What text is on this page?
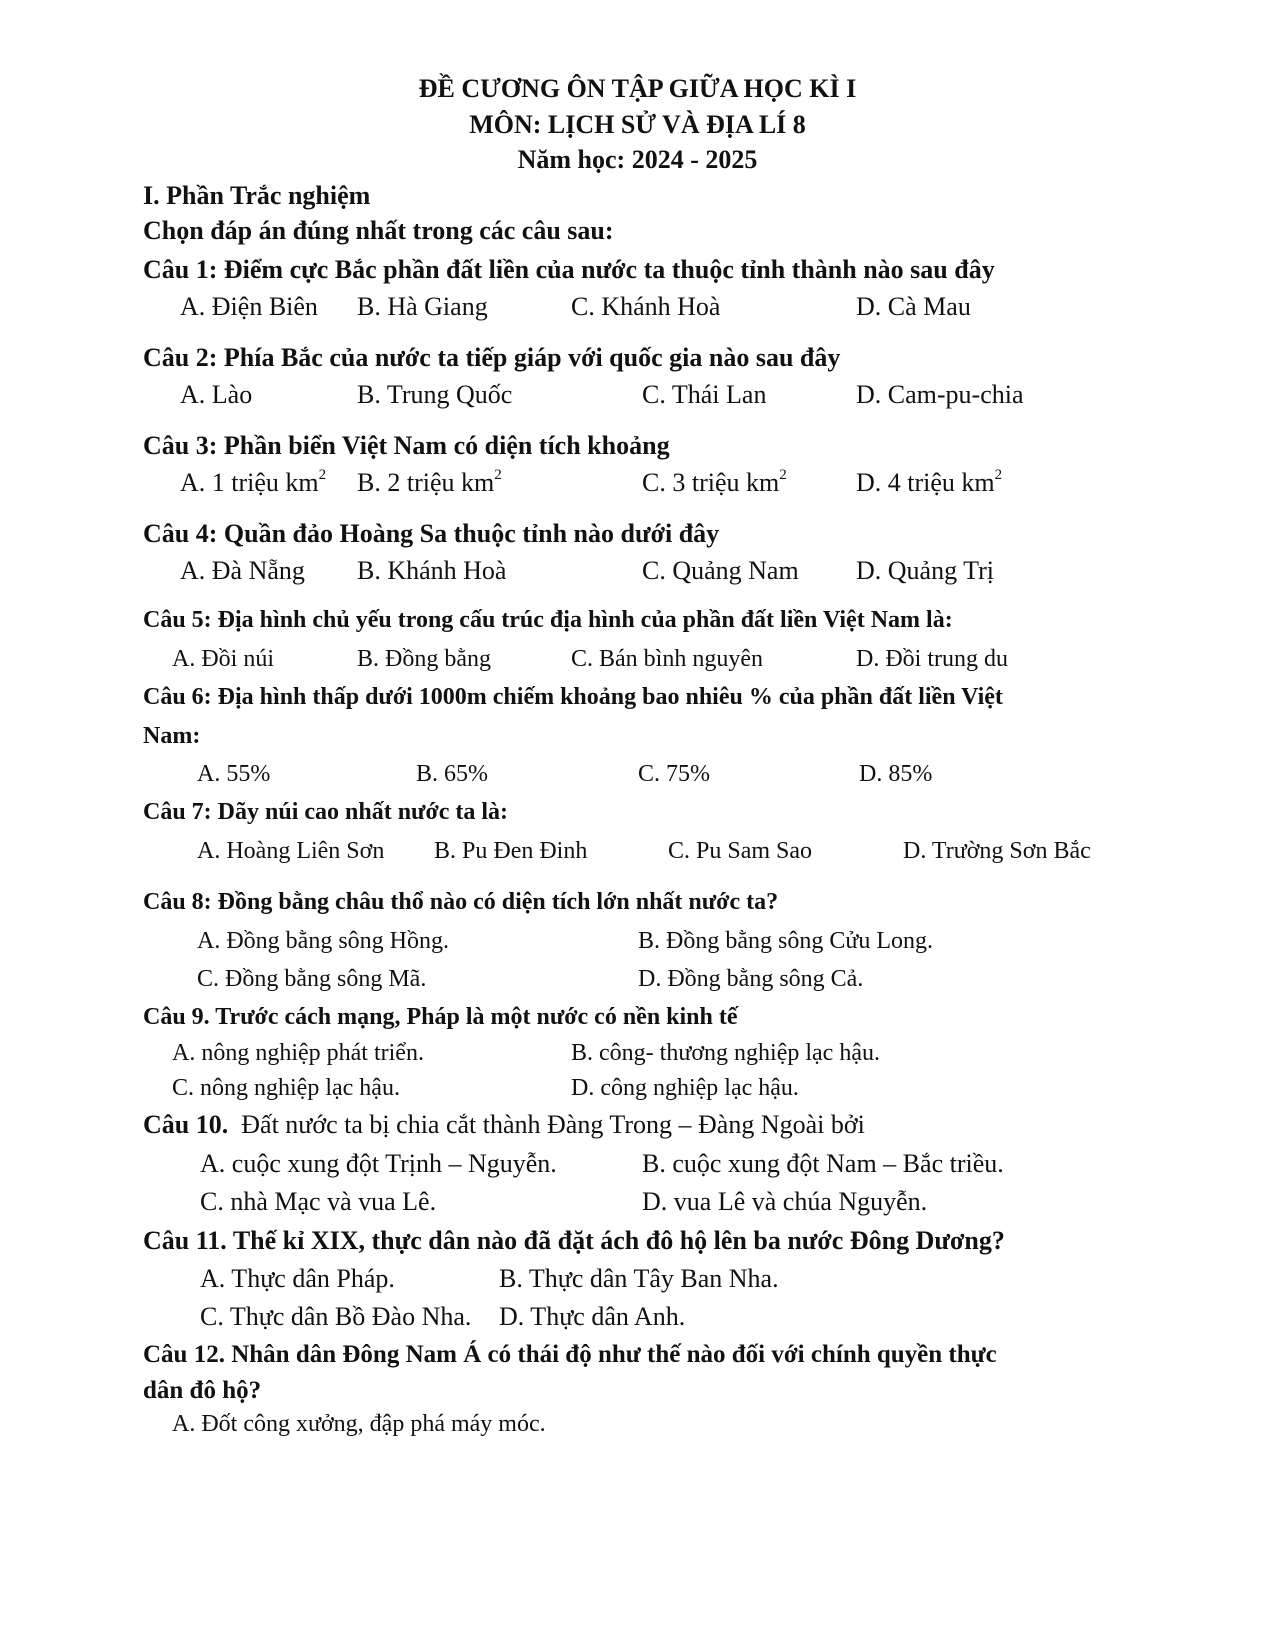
ĐỀ CƯƠNG ÔN TẬP GIỮA HỌC KÌ I
MÔN: LỊCH SỬ VÀ ĐỊA LÍ 8
Năm học: 2024 - 2025
I. Phần Trắc nghiệm
Chọn đáp án đúng nhất trong các câu sau:
Câu 1: Điểm cực Bắc phần đất liền của nước ta thuộc tỉnh thành nào sau đây
A. Điện Biên B. Hà Giang	C. Khánh Hoà	D. Cà Mau
Câu 2: Phía Bắc của nước ta tiếp giáp với quốc gia nào sau đây
A. Lào	B. Trung Quốc	C. Thái Lan	D. Cam-pu-chia
Câu 3: Phần biển Việt Nam có diện tích khoảng
A. 1 triệu $km^2$ B. 2 triệu $km^2$	C. 3 triệu $km^2$	D. 4 triệu $km^2$
Câu 4: Quần đảo Hoàng Sa thuộc tỉnh nào dưới đây
A. Đà Nẵng B. Khánh Hoà	C. Quảng Nam D. Quảng Trị
Câu 5: Địa hình chủ yếu trong cấu trúc địa hình của phần đất liền Việt Nam là:
A. Đồi núi	B. Đồng bằng	C. Bán bình nguyên	D. Đồi trung du
Câu 6: Địa hình thấp dưới 1000m chiếm khoảng bao nhiêu % của phần đất liền Việt
Nam:
A. 55%	B. 65%	C. 75%	D. 85%
Câu 7: Dãy núi cao nhất nước ta là:
A. Hoàng Liên Sơn B. Pu Đen Đinh	C. Pu Sam Sao	D. Trường Sơn Bắc
Câu 8: Đồng bằng châu thổ nào có diện tích lớn nhất nước ta?
A. Đồng bằng sông Hồng.	B. Đồng bằng sông Cửu Long.
C. Đồng bằng sông Mã.	D. Đồng bằng sông Cả.
Câu 9. Trước cách mạng, Pháp là một nước có nền kinh tế
A. nông nghiệp phát triển.	B. công- thương nghiệp lạc hậu.
C. nông nghiệp lạc hậu.	D. công nghiệp lạc hậu.
Câu 10. Đất nước ta bị chia cắt thành Đàng Trong – Đàng Ngoài bởi
A. cuộc xung đột Trịnh – Nguyễn.	B. cuộc xung đột Nam – Bắc triều.
C. nhà Mạc và vua Lê.	D. vua Lê và chúa Nguyễn.
Câu 11. Thế kỉ XIX, thực dân nào đã đặt ách đô hộ lên ba nước Đông Dương?
A. Thực dân Pháp.	B. Thực dân Tây Ban Nha.
C. Thực dân Bồ Đào Nha. D. Thực dân Anh.
Câu 12. Nhân dân Đông Nam Á có thái độ như thế nào đối với chính quyền thực
dân đô hộ?
A. Đốt công xưởng, đập phá máy móc.
